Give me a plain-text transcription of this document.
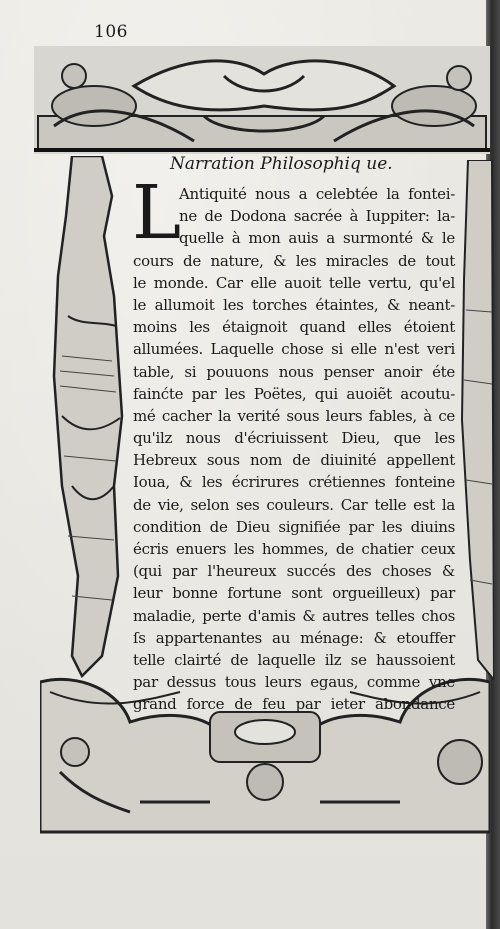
106
Narration Philosophiq ue.
L
Antiquité nous a celebtée la fontei-
ne de Dodona sacrée à Iuppiter: la-
quelle à mon auis a surmonté & le
cours de nature, & les miracles de tout
le monde. Car elle auoit telle vertu, qu'el
le allumoit les torches étaintes, & neant-
moins les étaignoit quand elles étoient
allumées. Laquelle chose si elle n'est veri
table, si pouuons nous penser anoir éte
fainćte par les Poëtes, qui auoiẽt acoutu-
mé cacher la verité sous leurs fables, à ce
qu'ilz nous d'écriuissent Dieu, que les
Hebreux sous nom de diuinité appellent
Ioua, & les écrirures crétiennes fonteine
de vie, selon ses couleurs. Car telle est la
condition de Dieu signifiée par les diuins
écris enuers les hommes, de chatier ceux
(qui par l'heureux succés des choses &
leur bonne fortune sont orgueilleux) par
maladie, perte d'amis & autres telles chos
ſs appartenantes au ménage: & etouffer
telle clairté de laquelle ilz se haussoient
par dessus tous leurs egaus, comme vne
grand force de feu par ieter abondance
